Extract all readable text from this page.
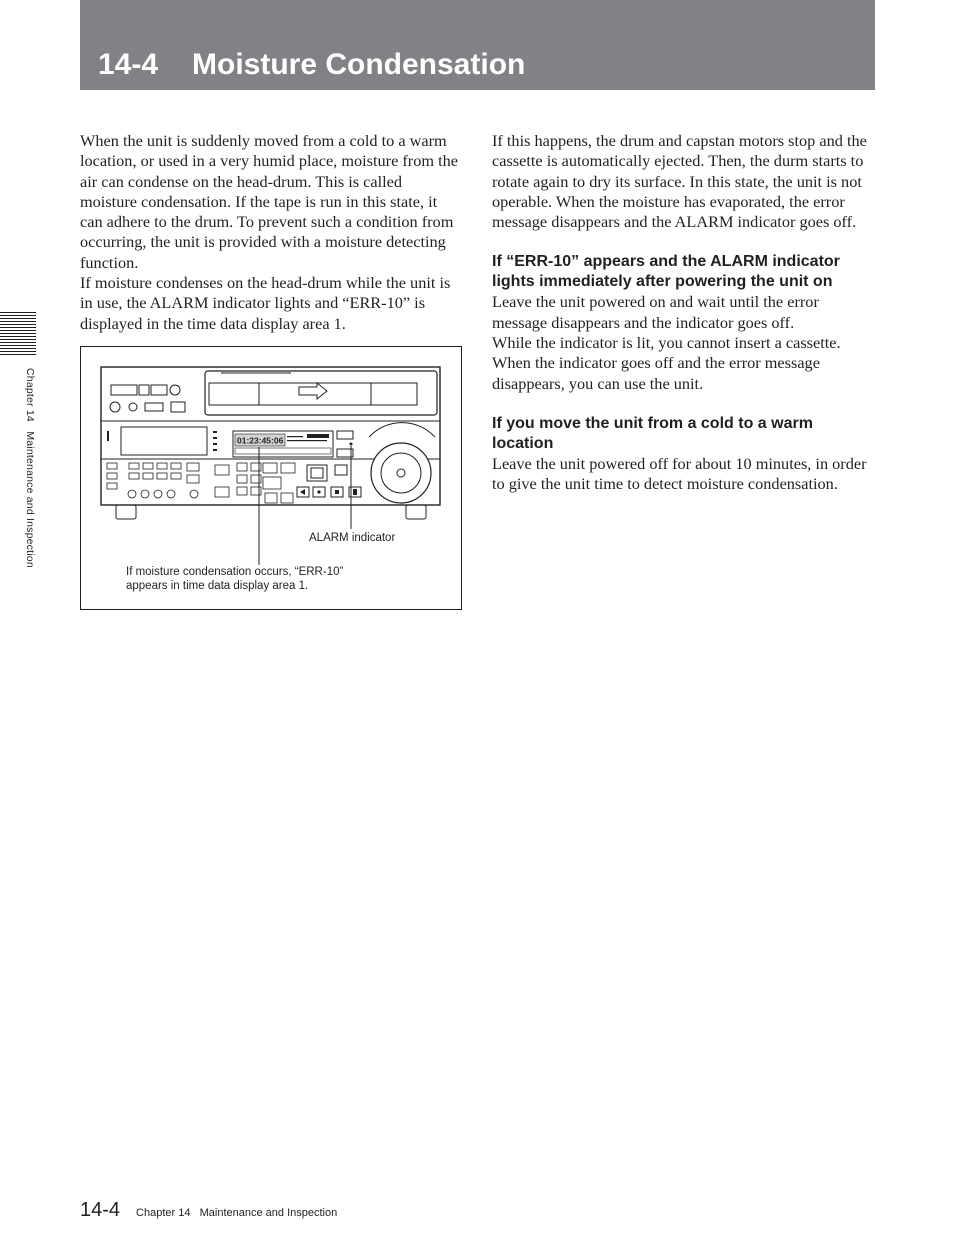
14-4 Moisture Condensation
Chapter 14   Maintenance and Inspection

When the unit is suddenly moved from a cold to a warm location, or used in a very humid place, moisture from the air can condense on the head-drum. This is called moisture condensation. If the tape is run in this state, it can adhere to the drum. To prevent such a condition from occurring, the unit is provided with a moisture detecting function.

If moisture condenses on the head-drum while the unit is in use, the ALARM indicator lights and “ERR-10” is displayed in the time data display area 1.

01:23:45:06
ALARM indicator
If moisture condensation occurs, “ERR-10”
appears in time data display area 1.

If this happens, the drum and capstan motors stop and the cassette is automatically ejected. Then, the durm starts to rotate again to dry its surface. In this state, the unit is not operable. When the moisture has evaporated, the error message disappears and the ALARM indicator goes off.

If “ERR-10” appears and the ALARM indicator lights immediately after powering the unit on

Leave the unit powered on and wait until the error message disappears and the indicator goes off.

While the indicator is lit, you cannot insert a cassette. When the indicator goes off and the error message disappears, you can use the unit.

If you move the unit from a cold to a warm location

Leave the unit powered off for about 10 minutes, in order to give the unit time to detect moisture condensation.

14-4 Chapter 14 Maintenance and Inspection
